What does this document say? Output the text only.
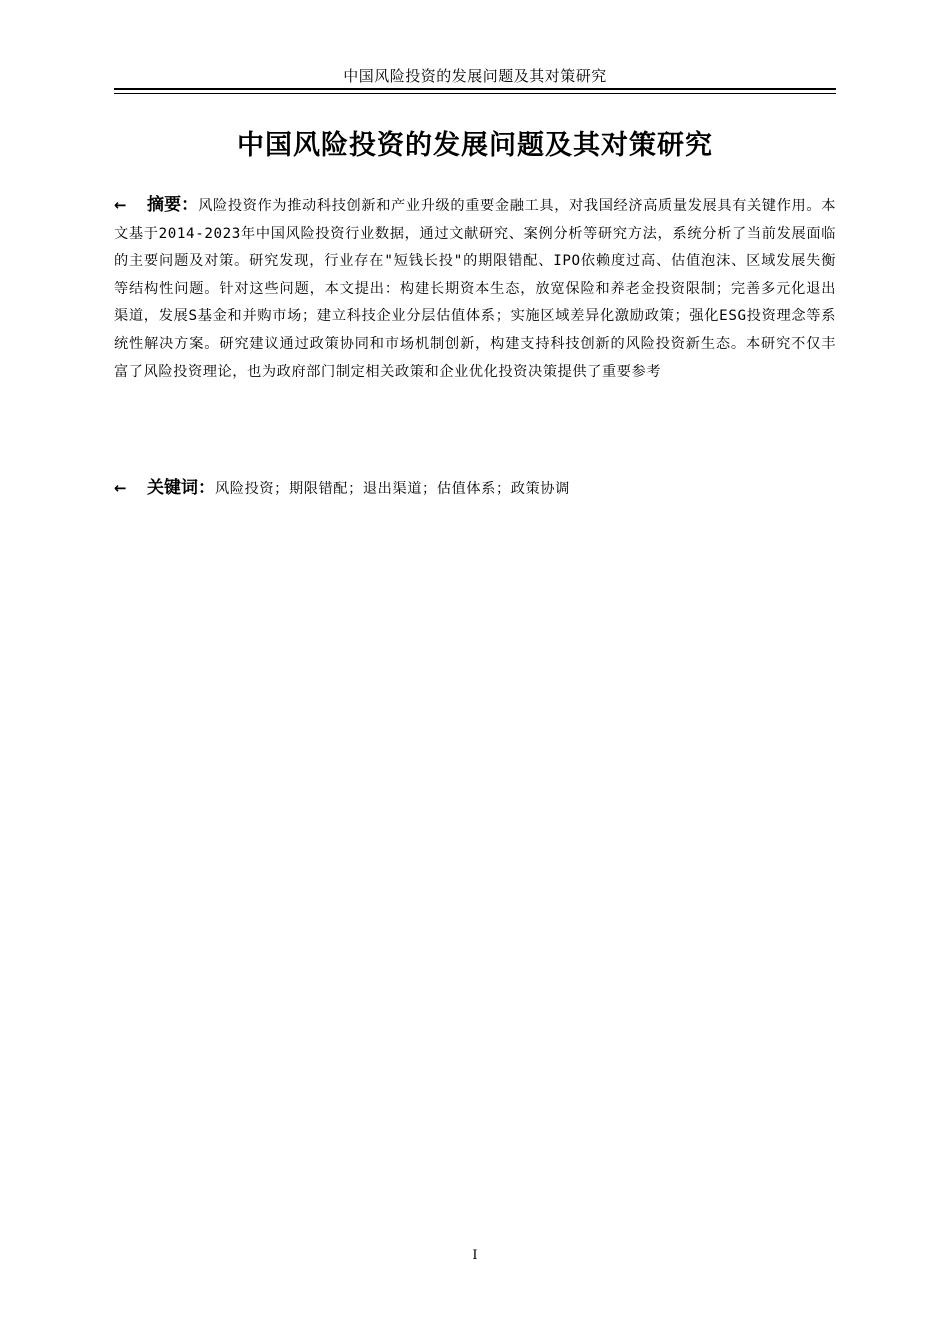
中国风险投资的发展问题及其对策研究
中国风险投资的发展问题及其对策研究
← 摘要：风险投资作为推动科技创新和产业升级的重要金融工具，对我国经济高质量发展具有关键作用。本文基于2014-2023年中国风险投资行业数据，通过文献研究、案例分析等研究方法，系统分析了当前发展面临的主要问题及对策。研究发现，行业存在"短钱长投"的期限错配、IPO依赖度过高、估值泡沫、区域发展失衡等结构性问题。针对这些问题，本文提出：构建长期资本生态，放宽保险和养老金投资限制；完善多元化退出渠道，发展S基金和并购市场；建立科技企业分层估值体系；实施区域差异化激励政策；强化ESG投资理念等系统性解决方案。研究建议通过政策协同和市场机制创新，构建支持科技创新的风险投资新生态。本研究不仅丰富了风险投资理论，也为政府部门制定相关政策和企业优化投资决策提供了重要参考
← 关键词：风险投资；期限错配；退出渠道；估值体系；政策协调
I
